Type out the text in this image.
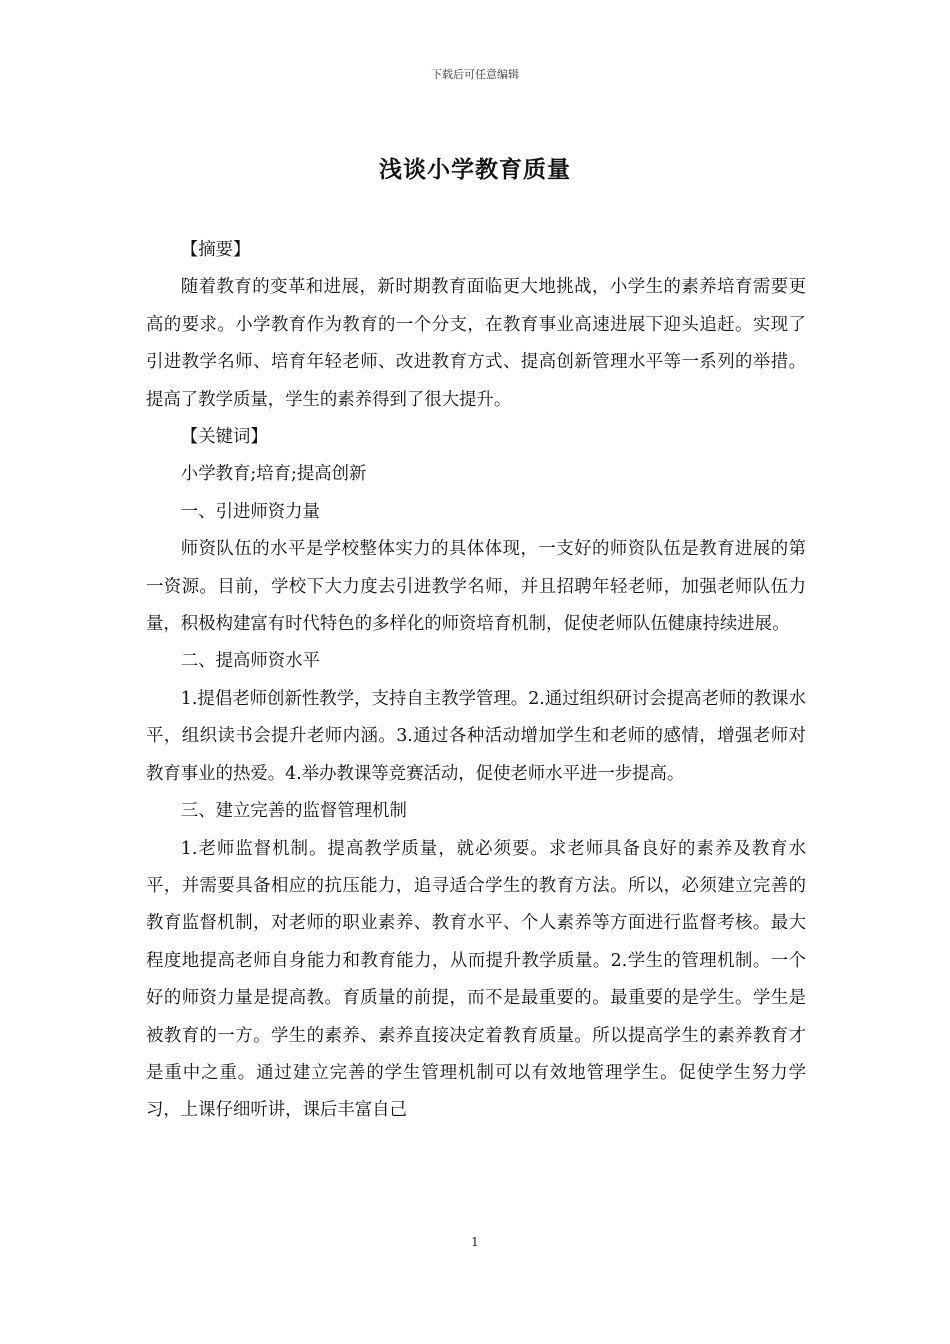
下载后可任意编辑
浅谈小学教育质量

【摘要】

随着教育的变革和进展，新时期教育面临更大地挑战，小学生的素养培育需要更高的要求。小学教育作为教育的一个分支，在教育事业高速进展下迎头追赶。实现了引进教学名师、培育年轻老师、改进教育方式、提高创新管理水平等一系列的举措。提高了教学质量，学生的素养得到了很大提升。

【关键词】

小学教育;培育;提高创新

一、引进师资力量

师资队伍的水平是学校整体实力的具体体现，一支好的师资队伍是教育进展的第一资源。目前，学校下大力度去引进教学名师，并且招聘年轻老师，加强老师队伍力量，积极构建富有时代特色的多样化的师资培育机制，促使老师队伍健康持续进展。

二、提高师资水平

1.提倡老师创新性教学，支持自主教学管理。2.通过组织研讨会提高老师的教课水平，组织读书会提升老师内涵。3.通过各种活动增加学生和老师的感情，增强老师对教育事业的热爱。4.举办教课等竞赛活动，促使老师水平进一步提高。

三、建立完善的监督管理机制

1.老师监督机制。提高教学质量，就必须要。求老师具备良好的素养及教育水平，并需要具备相应的抗压能力，追寻适合学生的教育方法。所以，必须建立完善的教育监督机制，对老师的职业素养、教育水平、个人素养等方面进行监督考核。最大程度地提高老师自身能力和教育能力，从而提升教学质量。2.学生的管理机制。一个好的师资力量是提高教。育质量的前提，而不是最重要的。最重要的是学生。学生是被教育的一方。学生的素养、素养直接决定着教育质量。所以提高学生的素养教育才是重中之重。通过建立完善的学生管理机制可以有效地管理学生。促使学生努力学习，上课仔细听讲，课后丰富自己

1
